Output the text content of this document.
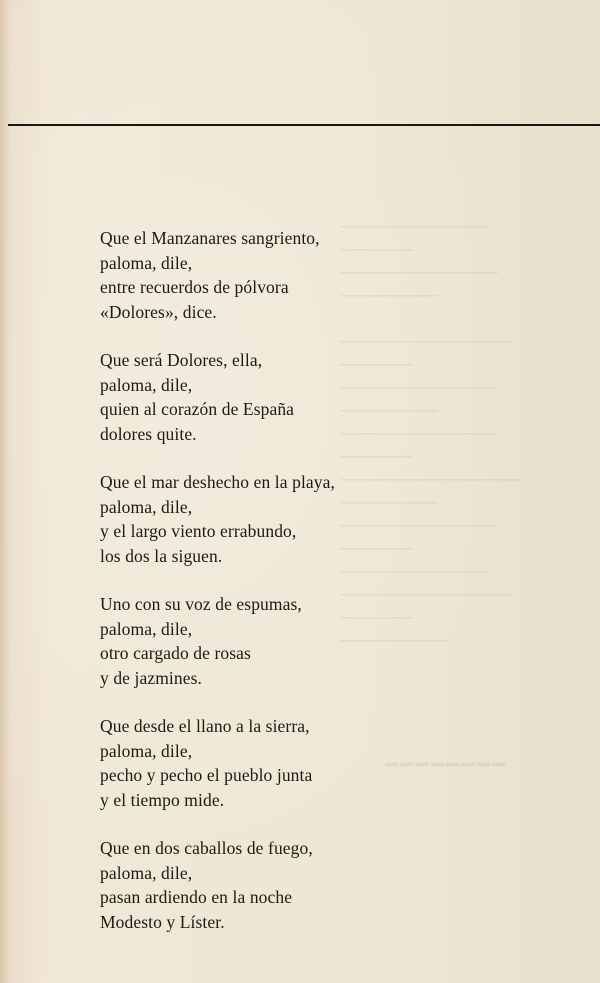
────────────
──────
─────────────
────────

──────────────
──────
─────────────
────────
─────────────
──────
───────────────
────────
─────────────
──────
────────────
──────────────
──────
─────────
━━━━━━━━
Que el Manzanares sangriento,
paloma, dile,
entre recuerdos de pólvora
«Dolores», dice.
Que será Dolores, ella,
paloma, dile,
quien al corazón de España
dolores quite.
Que el mar deshecho en la playa,
paloma, dile,
y el largo viento errabundo,
los dos la siguen.
Uno con su voz de espumas,
paloma, dile,
otro cargado de rosas
y de jazmines.
Que desde el llano a la sierra,
paloma, dile,
pecho y pecho el pueblo junta
y el tiempo mide.
Que en dos caballos de fuego,
paloma, dile,
pasan ardiendo en la noche
Modesto y Líster.
